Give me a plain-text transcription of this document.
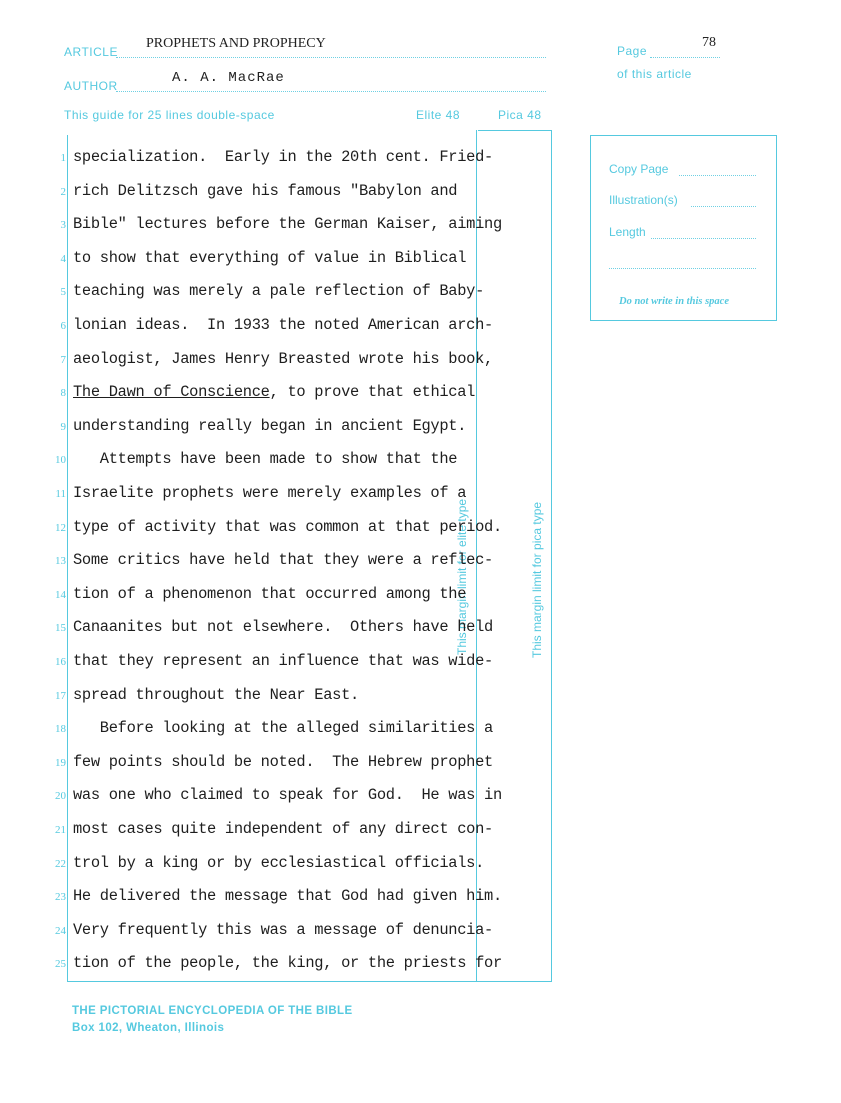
ARTICLE
PROPHETS AND PROPHECY
AUTHOR	A. A. MacRae
Page
78
of this article
This guide for 25 lines double-space	Elite 48	Pica 48
This margin limit for elite type	This margin limit for pica type
1 specialization.  Early in the 20th cent. Fried-
2 rich Delitzsch gave his famous "Babylon and
3 Bible" lectures before the German Kaiser, aiming
4 to show that everything of value in Biblical
5 teaching was merely a pale reflection of Baby-
6 lonian ideas.  In 1933 the noted American arch-
7 aeologist, James Henry Breasted wrote his book,
8 The Dawn of Conscience, to prove that ethical
9 understanding really began in ancient Egypt.
10 Attempts have been made to show that the
11 Israelite prophets were merely examples of a
12 type of activity that was common at that period.
13 Some critics have held that they were a reflec-
14 tion of a phenomenon that occurred among the
15 Canaanites but not elsewhere.  Others have held
16 that they represent an influence that was wide-
17 spread throughout the Near East.
18 Before looking at the alleged similarities a
19 few points should be noted.  The Hebrew prophet
20 was one who claimed to speak for God.  He was in
21 most cases quite independent of any direct con-
22 trol by a king or by ecclesiastical officials.
23 He delivered the message that God had given him.
24 Very frequently this was a message of denuncia-
25 tion of the people, the king, or the priests for
Copy Page
Illustration(s)
Length
Do not write in this space
THE PICTORIAL ENCYCLOPEDIA OF THE BIBLE
Box 102, Wheaton, Illinois
